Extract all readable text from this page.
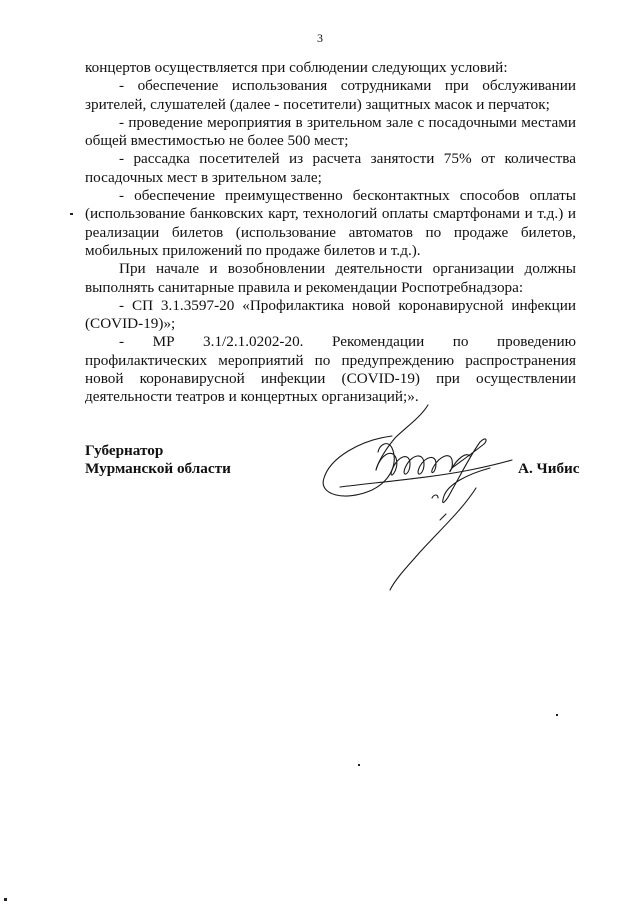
3

концертов осуществляется при соблюдении следующих условий:

- обеспечение использования сотрудниками при обслуживании зрителей, слушателей (далее - посетители) защитных масок и перчаток;

- проведение мероприятия в зрительном зале с посадочными местами общей вместимостью не более 500 мест;

- рассадка посетителей из расчета занятости 75% от количества посадочных мест в зрительном зале;

- обеспечение преимущественно бесконтактных способов оплаты (использование банковских карт, технологий оплаты смартфонами и т.д.) и реализации билетов (использование автоматов по продаже билетов, мобильных приложений по продаже билетов и т.д.).

При начале и возобновлении деятельности организации должны выполнять санитарные правила и рекомендации Роспотребнадзора:

- СП 3.1.3597-20 «Профилактика новой коронавирусной инфекции (COVID-19)»;

- МР 3.1/2.1.0202-20. Рекомендации по проведению профилактических мероприятий по предупреждению распространения новой коронавирусной инфекции (COVID-19) при осуществлении деятельности театров и концертных организаций;».

Губернатор
Мурманской области	А. Чибис
